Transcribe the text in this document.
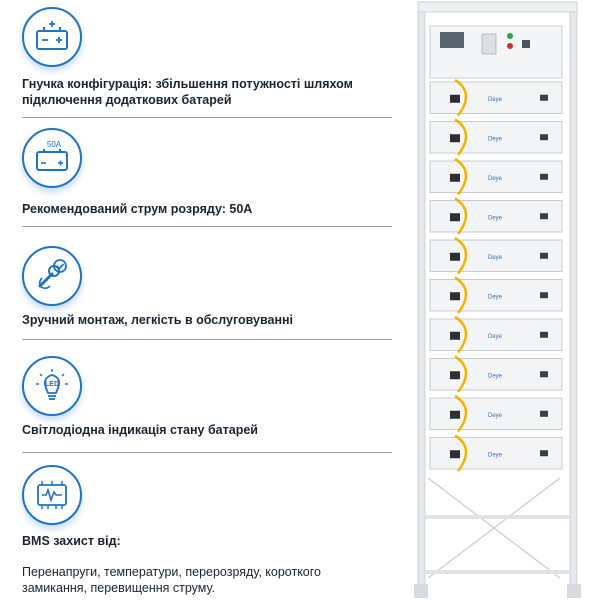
Гнучка конфігурація: збільшення потужності шляхом
підключення додаткових батарей
50A
Рекомендований струм розряду: 50А
Зручний монтаж, легкість в обслуговуванні
LED
Світлодіодна індикація стану батарей
BMS захист від:
Перенапруги, температури, перерозряду, короткого
замикання, перевищення струму.
Deye
Deye
Deye
Deye
Deye
Deye
Deye
Deye
Deye
Deye
